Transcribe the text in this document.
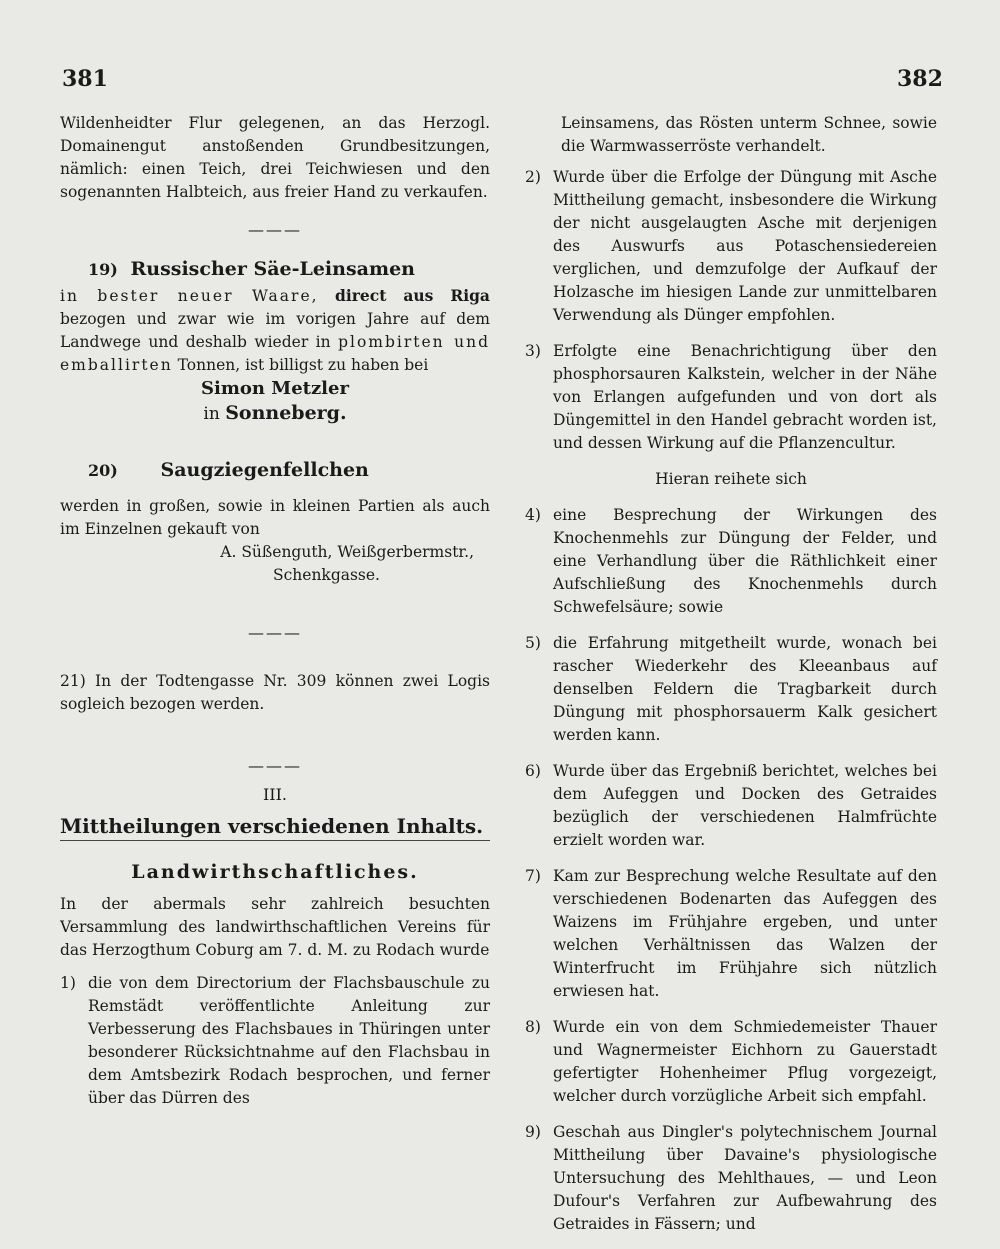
381	382

Wildenheidter Flur gelegenen, an das Herzogl. Domainengut anstoßenden Grundbesitzungen, nämlich: einen Teich, drei Teichwiesen und den sogenannten Halbteich, aus freier Hand zu verkaufen.

———
19) Russischer Säe-Leinsamen

in bester neuer Waare, direct aus Riga bezogen und zwar wie im vorigen Jahre auf dem Landwege und deshalb wieder in plombirten und emballirten Tonnen, ist billigst zu haben bei

Simon Metzler
in Sonneberg.
20) Saugziegenfellchen

werden in großen, sowie in kleinen Partien als auch im Einzelnen gekauft von

A. Süßenguth, Weißgerbermstr.,
Schenkgasse.
———

21) In der Todtengasse Nr. 309 können zwei Logis sogleich bezogen werden.

———
III.
Mittheilungen verschiedenen Inhalts.
Landwirthschaftliches.

In der abermals sehr zahlreich besuchten Versammlung des landwirthschaftlichen Vereins für das Herzogthum Coburg am 7. d. M. zu Rodach wurde

1) die von dem Directorium der Flachsbauschule zu Remstädt veröffentlichte Anleitung zur Verbesserung des Flachsbaues in Thüringen unter besonderer Rücksichtnahme auf den Flachsbau in dem Amtsbezirk Rodach besprochen, und ferner über das Dürren des

Leinsamens, das Rösten unterm Schnee, sowie die Warmwasserröste verhandelt.

2) Wurde über die Erfolge der Düngung mit Asche Mittheilung gemacht, insbesondere die Wirkung der nicht ausgelaugten Asche mit derjenigen des Auswurfs aus Potaschensiedereien verglichen, und demzufolge der Aufkauf der Holzasche im hiesigen Lande zur unmittelbaren Verwendung als Dünger empfohlen.

3) Erfolgte eine Benachrichtigung über den phosphorsauren Kalkstein, welcher in der Nähe von Erlangen aufgefunden und von dort als Düngemittel in den Handel gebracht worden ist, und dessen Wirkung auf die Pflanzencultur.

Hieran reihete sich
4) eine Besprechung der Wirkungen des Knochenmehls zur Düngung der Felder, und eine Verhandlung über die Räthlichkeit einer Aufschließung des Knochenmehls durch Schwefelsäure; sowie

5) die Erfahrung mitgetheilt wurde, wonach bei rascher Wiederkehr des Kleeanbaus auf denselben Feldern die Tragbarkeit durch Düngung mit phosphorsauerm Kalk gesichert werden kann.

6) Wurde über das Ergebniß berichtet, welches bei dem Aufeggen und Docken des Getraides bezüglich der verschiedenen Halmfrüchte erzielt worden war.

7) Kam zur Besprechung welche Resultate auf den verschiedenen Bodenarten das Aufeggen des Waizens im Frühjahre ergeben, und unter welchen Verhältnissen das Walzen der Winterfrucht im Frühjahre sich nützlich erwiesen hat.

8) Wurde ein von dem Schmiedemeister Thauer und Wagnermeister Eichhorn zu Gauerstadt gefertigter Hohenheimer Pflug vorgezeigt, welcher durch vorzügliche Arbeit sich empfahl.

9) Geschah aus Dingler's polytechnischem Journal Mittheilung über Davaine's physiologische Untersuchung des Mehlthaues, — und Leon Dufour's Verfahren zur Aufbewahrung des Getraides in Fässern; und
